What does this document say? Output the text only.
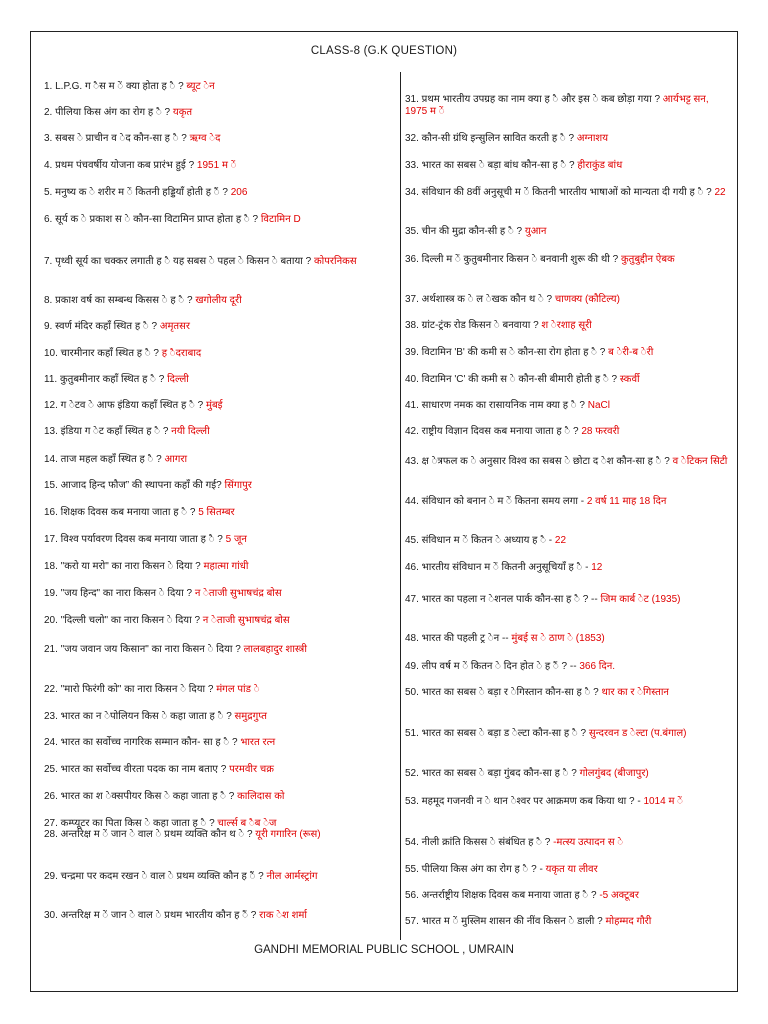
CLASS-8 (G.K QUESTION)
1. L.P.G. ग ैस म ें क्या होता ह ै ? ब्यूट ेन
2. पीलिया किस अंग का रोग ह ै ? यकृत
3. सबस े प्राचीन व ेद कौन-सा ह ै ? ऋग्व ेद
4. प्रथम पंचवर्षीय योजना कब प्रारंभ हुई ? 1951 म ें
5. मनुष्य क े शरीर म ें कितनी हड्डियाँ होती ह ैं ? 206
6. सूर्य क े प्रकाश स े कौन-सा विटामिन प्राप्त होता ह ै ? विटामिन D
7. पृथ्वी सूर्य का चक्कर लगाती ह ै यह सबस े पहल े किसन े बताया ? कोपरनिकस
8. प्रकाश वर्ष का सम्बन्ध किसस े ह ै ? खगोलीय दूरी
9. स्वर्ण मंदिर कहाँ स्थित ह ै ? अमृतसर
10. चारमीनार कहाँ स्थित ह ै ? ह ैदराबाद
11. कुतुबमीनार कहाँ स्थित ह ै ? दिल्ली
12. ग ेटव े आफ इंडिया कहाँ स्थित ह ै ? मुंबई
13. इंडिया ग ेट कहाँ स्थित ह ै ? नयी दिल्ली
14. ताज महल कहाँ स्थित ह ै ? आगरा
15. आजाद हिन्द फौज” की स्थापना कहाँ की गई? सिंगापुर
16. शिक्षक दिवस कब मनाया जाता ह ै ? 5 सितम्बर
17. विश्व पर्यावरण दिवस कब मनाया जाता ह ै ? 5 जून
18. "करो या मरो" का नारा किसन े दिया ? महात्मा गांधी
19. "जय हिन्द" का नारा किसन े दिया ? न ेताजी सुभाषचंद्र बोस
20. "दिल्ली चलो" का नारा किसन े दिया ? न ेताजी सुभाषचंद्र बोस
21. "जय जवान जय किसान" का नारा किसन े दिया ? लालबहादुर शास्त्री
22. "मारो फिरंगी को" का नारा किसन े दिया ? मंगल पांड े
23. भारत का न ेपोलियन किस े कहा जाता ह ै ? समुद्रगुप्त
24. भारत का सर्वोच्च नागरिक सम्मान कौन- सा ह ै ? भारत रत्न
25. भारत का सर्वोच्च वीरता पदक का नाम बताए ? परमवीर चक्र
26. भारत का श ेक्सपीयर किस े कहा जाता ह ै ? कालिदास को
27. कम्प्यूटर का पिता किस े कहा जाता ह ै ? चार्ल्स ब ैब ेज
28. अन्तरिक्ष म ें जान े वाल े प्रथम व्यक्ति कौन थ े ? यूरी गगारिन (रूस)
29. चन्द्रमा पर कदम रखन े वाल े प्रथम व्यक्ति कौन ह ैं ? नील आर्मस्ट्रांग
30. अन्तरिक्ष म ें जान े वाल े प्रथम भारतीय कौन ह ैं ? राक ेश शर्मा
31. प्रथम भारतीय उपग्रह का नाम क्या ह ै और इस े कब छोड़ा गया ? आर्यभट्ट सन, 1975 म ें
32. कौन-सी ग्रंथि इन्सुलिन स्रावित करती ह ै ? अग्नाशय
33. भारत का सबस े बड़ा बांध कौन-सा ह ै ? हीराकुंड बांध
34. संविधान की 8वीं अनुसूची म ें कितनी भारतीय भाषाओं को मान्यता दी गयी ह ै ? 22
35. चीन की मुद्रा कौन-सी ह ै ? युआन
36. दिल्ली म ें कुतुबमीनार किसन े बनवानी शुरू की थी ? कुतुबुद्दीन ऐबक
37. अर्थशास्त्र क े ल ेखक कौन थ े ? चाणक्य (कौटिल्य)
38. ग्रांट-ट्रंक रोड किसन े बनवाया ? श ेरशाह सूरी
39. विटामिन 'B' की कमी स े कौन-सा रोग होता ह ै ? ब ेरी-ब ेरी
40. विटामिन 'C' की कमी स े कौन-सी बीमारी होती ह ै ? स्कर्वी
41. साधारण नमक का रासायनिक नाम क्या ह ै ? NaCl
42. राष्ट्रीय विज्ञान दिवस कब मनाया जाता ह ै ? 28 फरवरी
43. क्ष ेत्रफल क े अनुसार विश्व का सबस े छोटा द ेश कौन-सा ह ै ? व ेटिकन सिटी
44. संविधान को बनान े म ें कितना समय लगा - 2 वर्ष 11 माह 18 दिन
45. संविधान म ें कितन े अध्याय ह ै - 22
46. भारतीय संविधान म ें कितनी अनुसूचियाँ ह ै - 12
47. भारत का पहला न ेशनल पार्क कौन-सा ह ै ? -- जिम कार्ब ेट (1935)
48. भारत की पहली ट्र ेन -- मुंबई स े ठाण े (1853)
49. लीप वर्ष म ें कितन े दिन होत े ह ैं ? -- 366 दिन.
50. भारत का सबस े बड़ा र ेगिस्तान कौन-सा ह ै ? थार का र ेगिस्तान
51. भारत का सबस े बड़ा ड ेल्टा कौन-सा ह ै ? सुन्दरवन ड ेल्टा (प.बंगाल)
52. भारत का सबस े बड़ा गुंबद कौन-सा ह ै ? गोलगुंबद (बीजापुर)
53. महमूद गजनवी न े थान ेश्वर पर आक्रमण कब किया था ? - 1014 म ें
54. नीली क्रांति किसस े संबंधित ह ै ? -मत्स्य उत्पादन स े
55. पीलिया किस अंग का रोग ह ै ? - यकृत या लीवर
56. अन्तर्राष्ट्रीय शिक्षक दिवस कब मनाया जाता ह ै ? -5 अक्टूबर
57. भारत म ें मुस्लिम शासन की नींव किसन े डाली ? मोहम्मद गौरी
GANDHI MEMORIAL PUBLIC SCHOOL , UMRAIN
